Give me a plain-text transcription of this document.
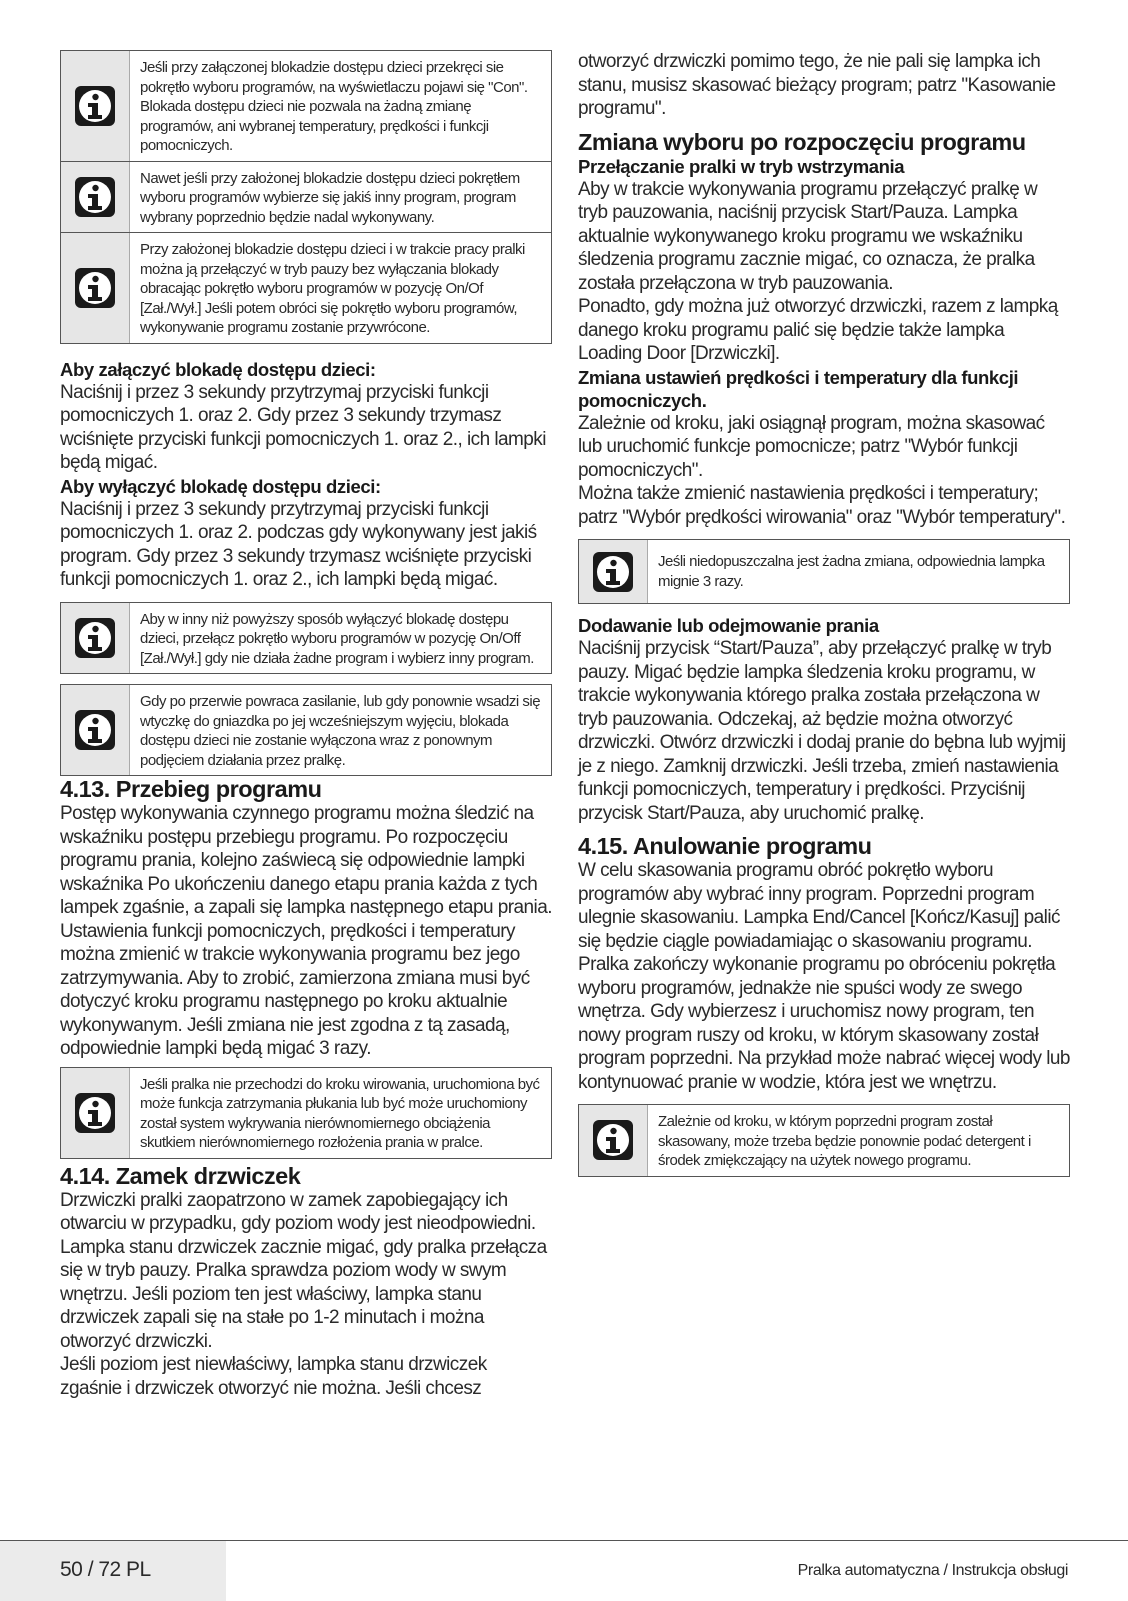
Jeśli przy załączonej blokadzie dostępu dzieci przekręci sie pokrętło wyboru programów, na wyświetlaczu pojawi się "Con". Blokada dostępu dzieci nie pozwala na żadną zmianę programów, ani wybranej temperatury, prędkości i funkcji pomocniczych.
Nawet jeśli przy założonej blokadzie dostępu dzieci pokrętłem wyboru programów wybierze się jakiś inny program, program wybrany poprzednio będzie nadal wykonywany.
Przy założonej blokadzie dostępu dzieci i w trakcie pracy pralki można ją przełączyć w tryb pauzy bez wyłączania blokady obracając pokrętło wyboru programów w pozycję On/Of [Zał./Wył.] Jeśli potem obróci się pokrętło wyboru programów, wykonywanie programu zostanie przywrócone.
Aby załączyć blokadę dostępu dzieci:

Naciśnij i przez 3 sekundy przytrzymaj przyciski funkcji pomocniczych 1. oraz 2. Gdy przez 3 sekundy trzymasz wciśnięte przyciski funkcji pomocniczych 1. oraz 2., ich lampki będą migać.

Aby wyłączyć blokadę dostępu dzieci:

Naciśnij i przez 3 sekundy przytrzymaj przyciski funkcji pomocniczych 1. oraz 2. podczas gdy wykonywany jest jakiś program. Gdy przez 3 sekundy trzymasz wciśnięte przyciski funkcji pomocniczych 1. oraz 2., ich lampki będą migać.

Aby w inny niż powyższy sposób wyłączyć blokadę dostępu dzieci, przełącz pokrętło wyboru programów w pozycję On/Off [Zał./Wył.] gdy nie działa żadne program i wybierz inny program.
Gdy po przerwie powraca zasilanie, lub gdy ponownie wsadzi się wtyczkę do gniazdka po jej wcześniejszym wyjęciu, blokada dostępu dzieci nie zostanie wyłączona wraz z ponownym podjęciem działania przez pralkę.
4.13. Przebieg programu

Postęp wykonywania czynnego programu można śledzić na wskaźniku postępu przebiegu programu. Po rozpoczęciu programu prania, kolejno zaświecą się odpowiednie lampki wskaźnika Po ukończeniu danego etapu prania każda z tych lampek zgaśnie, a zapali się lampka następnego etapu prania.

Ustawienia funkcji pomocniczych, prędkości i temperatury można zmienić w trakcie wykonywania programu bez jego zatrzymywania. Aby to zrobić, zamierzona zmiana musi być dotyczyć kroku programu następnego po kroku aktualnie wykonywanym. Jeśli zmiana nie jest zgodna z tą zasadą, odpowiednie lampki będą migać 3 razy.

Jeśli pralka nie przechodzi do kroku wirowania, uruchomiona być może funkcja zatrzymania płukania lub być może uruchomiony został system wykrywania nierównomiernego obciążenia skutkiem nierównomiernego rozłożenia prania w pralce.
4.14. Zamek drzwiczek

Drzwiczki pralki zaopatrzono w zamek zapobiegający ich otwarciu w przypadku, gdy poziom wody jest nieodpowiedni. Lampka stanu drzwiczek zacznie migać, gdy pralka przełącza się w tryb pauzy. Pralka sprawdza poziom wody w swym wnętrzu. Jeśli poziom ten jest właściwy, lampka stanu drzwiczek zapali się na stałe po 1-2 minutach i można otworzyć drzwiczki.

Jeśli poziom jest niewłaściwy, lampka stanu drzwiczek zgaśnie i drzwiczek otworzyć nie można. Jeśli chcesz

otworzyć drzwiczki pomimo tego, że nie pali się lampka ich stanu, musisz skasować bieżący program; patrz "Kasowanie programu".

Zmiana wyboru po rozpoczęciu programu
Przełączanie pralki w tryb wstrzymania

Aby w trakcie wykonywania programu przełączyć pralkę w tryb pauzowania, naciśnij przycisk Start/Pauza. Lampka aktualnie wykonywanego kroku programu we wskaźniku śledzenia programu zacznie migać, co oznacza, że pralka została przełączona w tryb pauzowania.

Ponadto, gdy można już otworzyć drzwiczki, razem z lampką danego kroku programu palić się będzie także lampka Loading Door [Drzwiczki].

Zmiana ustawień prędkości i temperatury dla funkcji pomocniczych.

Zależnie od kroku, jaki osiągnął program, można skasować lub uruchomić funkcje pomocnicze; patrz "Wybór funkcji pomocniczych".

Można także zmienić nastawienia prędkości i temperatury; patrz "Wybór prędkości wirowania" oraz "Wybór temperatury".

Jeśli niedopuszczalna jest żadna zmiana, odpowiednia lampka mignie 3 razy.
Dodawanie lub odejmowanie prania

Naciśnij przycisk “Start/Pauza”, aby przełączyć pralkę w tryb pauzy. Migać będzie lampka śledzenia kroku programu, w trakcie wykonywania którego pralka została przełączona w tryb pauzowania. Odczekaj, aż będzie można otworzyć drzwiczki. Otwórz drzwiczki i dodaj pranie do bębna lub wyjmij je z niego. Zamknij drzwiczki. Jeśli trzeba, zmień nastawienia funkcji pomocniczych, temperatury i prędkości. Przyciśnij przycisk Start/Pauza, aby uruchomić pralkę.

4.15. Anulowanie programu

W celu skasowania programu obróć pokrętło wyboru programów aby wybrać inny program. Poprzedni program ulegnie skasowaniu. Lampka End/Cancel [Kończ/Kasuj] palić się będzie ciągle powiadamiając o skasowaniu programu. Pralka zakończy wykonanie programu po obróceniu pokrętła wyboru programów, jednakże nie spuści wody ze swego wnętrza. Gdy wybierzesz i uruchomisz nowy program, ten nowy program ruszy od kroku, w którym skasowany został program poprzedni. Na przykład może nabrać więcej wody lub kontynuować pranie w wodzie, która jest we wnętrzu.

Zależnie od kroku, w którym poprzedni program został skasowany, może trzeba będzie ponownie podać detergent i środek zmiękczający na użytek nowego programu.
50 / 72 PL	Pralka automatyczna / Instrukcja obsługi
